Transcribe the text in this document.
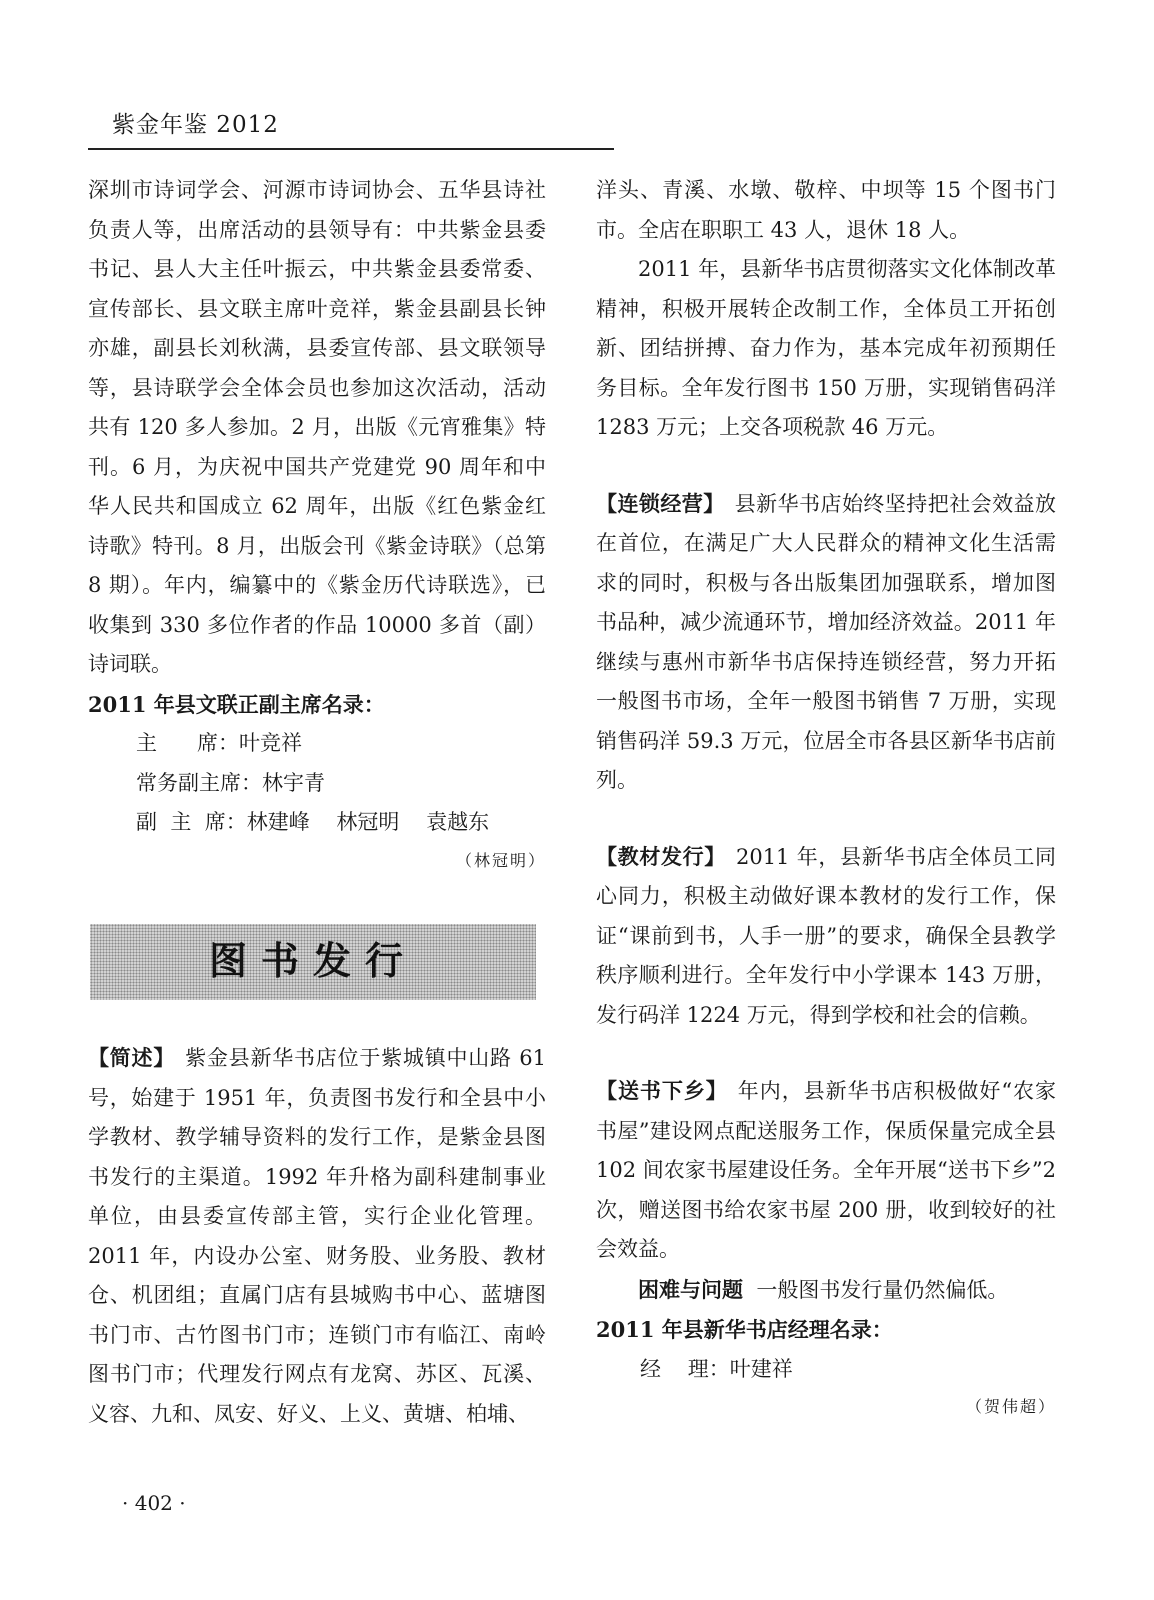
紫金年鉴 2012

深圳市诗词学会、河源市诗词协会、五华县诗社负责人等，出席活动的县领导有：中共紫金县委书记、县人大主任叶振云，中共紫金县委常委、宣传部长、县文联主席叶竞祥，紫金县副县长钟亦雄，副县长刘秋满，县委宣传部、县文联领导等，县诗联学会全体会员也参加这次活动，活动共有 120 多人参加。2 月，出版《元宵雅集》特刊。6 月，为庆祝中国共产党建党 90 周年和中华人民共和国成立 62 周年，出版《红色紫金红诗歌》特刊。8 月，出版会刊《紫金诗联》（总第 8 期）。年内，编纂中的《紫金历代诗联选》，已收集到 330 多位作者的作品 10000 多首（副）诗词联。

2011 年县文联正副主席名录：
主      席：叶竞祥
常务副主席：林宇青
副  主  席：林建峰    林冠明    袁越东
（林冠明）
图书发行

【简述】 紫金县新华书店位于紫城镇中山路 61 号，始建于 1951 年，负责图书发行和全县中小学教材、教学辅导资料的发行工作，是紫金县图书发行的主渠道。1992 年升格为副科建制事业单位，由县委宣传部主管，实行企业化管理。2011 年，内设办公室、财务股、业务股、教材仓、机团组；直属门店有县城购书中心、蓝塘图书门市、古竹图书门市；连锁门市有临江、南岭图书门市；代理发行网点有龙窝、苏区、瓦溪、义容、九和、凤安、好义、上义、黄塘、柏埔、

洋头、青溪、水墩、敬梓、中坝等 15 个图书门市。全店在职职工 43 人，退休 18 人。

2011 年，县新华书店贯彻落实文化体制改革精神，积极开展转企改制工作，全体员工开拓创新、团结拼搏、奋力作为，基本完成年初预期任务目标。全年发行图书 150 万册，实现销售码洋 1283 万元；上交各项税款 46 万元。

【连锁经营】 县新华书店始终坚持把社会效益放在首位，在满足广大人民群众的精神文化生活需求的同时，积极与各出版集团加强联系，增加图书品种，减少流通环节，增加经济效益。2011 年继续与惠州市新华书店保持连锁经营，努力开拓一般图书市场，全年一般图书销售 7 万册，实现销售码洋 59.3 万元，位居全市各县区新华书店前列。

【教材发行】 2011 年，县新华书店全体员工同心同力，积极主动做好课本教材的发行工作，保证“课前到书，人手一册”的要求，确保全县教学秩序顺利进行。全年发行中小学课本 143 万册，发行码洋 1224 万元，得到学校和社会的信赖。

【送书下乡】 年内，县新华书店积极做好“农家书屋”建设网点配送服务工作，保质保量完成全县 102 间农家书屋建设任务。全年开展“送书下乡”2 次，赠送图书给农家书屋 200 册，收到较好的社会效益。

困难与问题 一般图书发行量仍然偏低。

2011 年县新华书店经理名录：
经    理：叶建祥
（贺伟超）
· 402 ·
